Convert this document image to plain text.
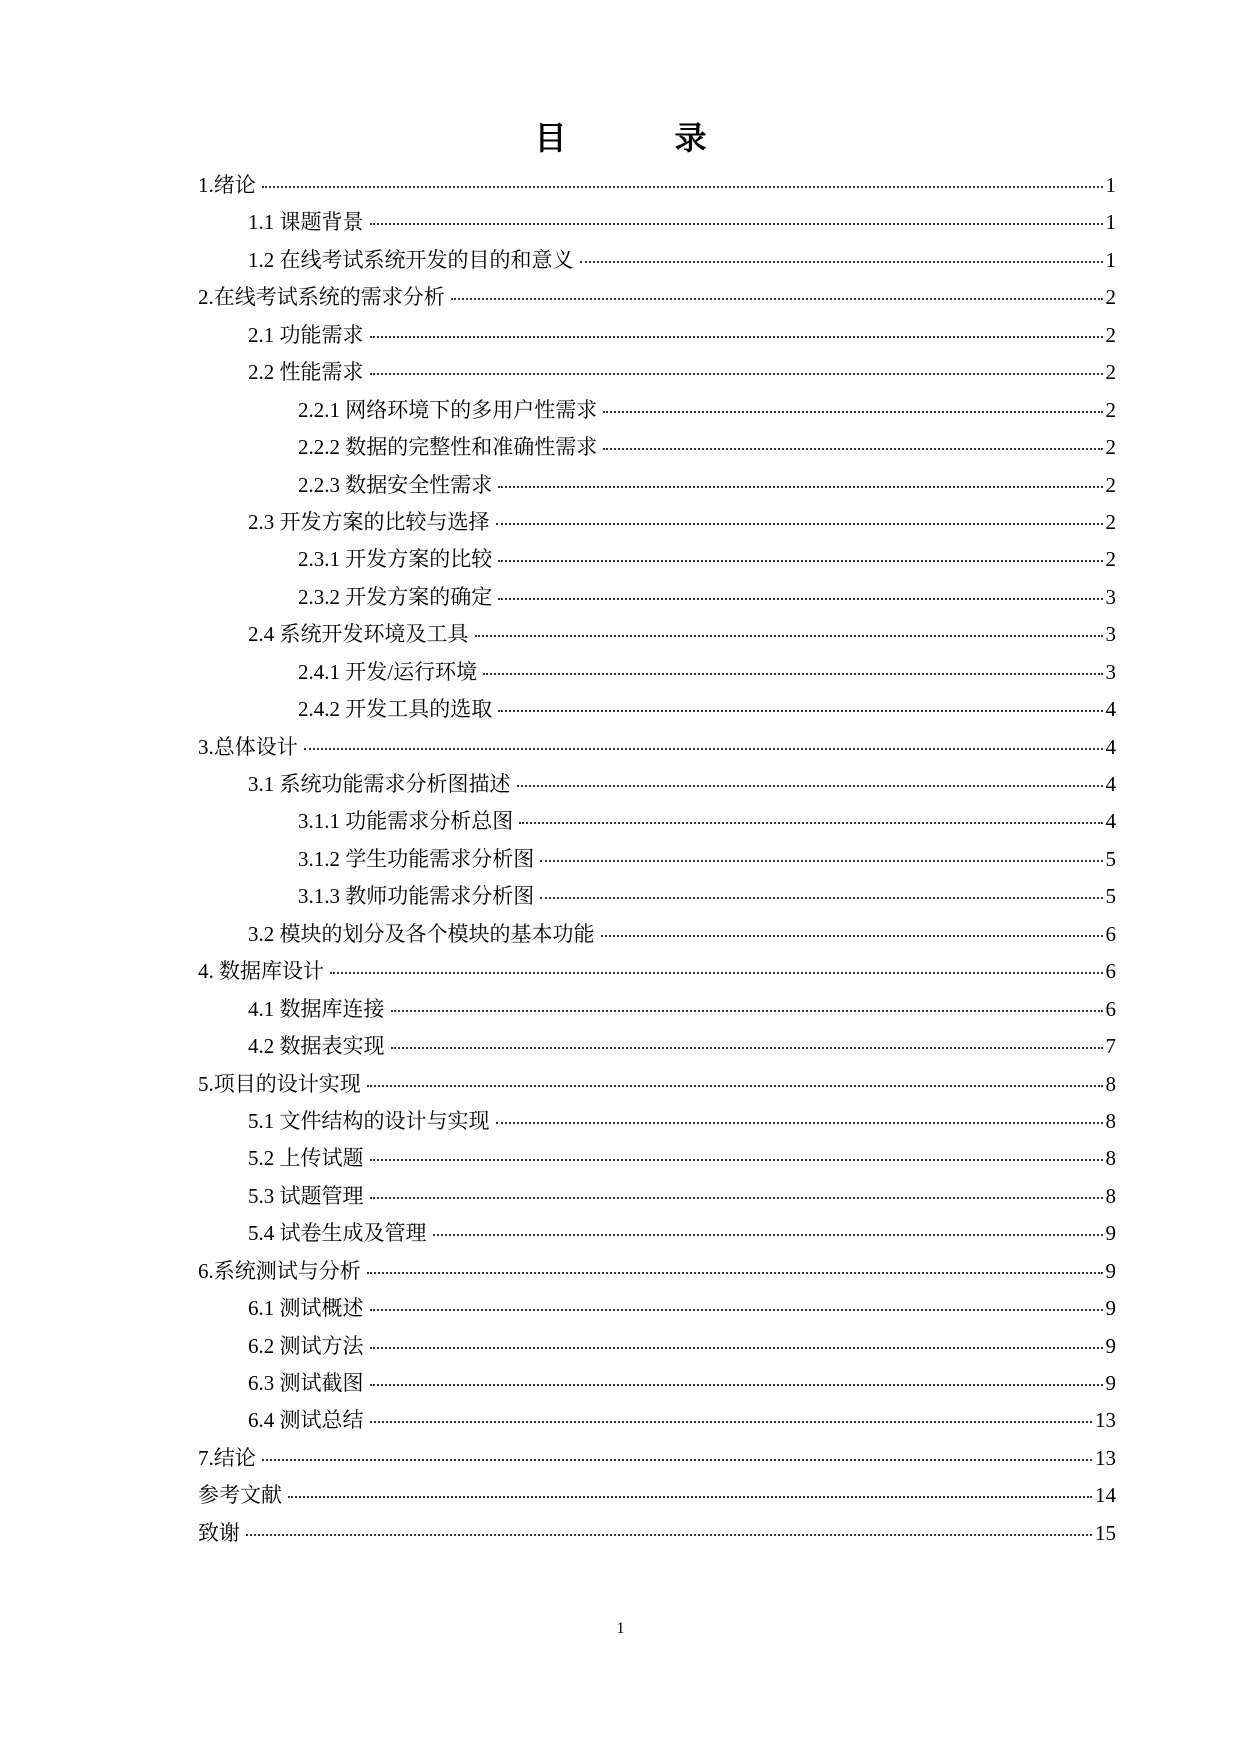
目　录
1.绪论	1
1.1 课题背景	1
1.2 在线考试系统开发的目的和意义	1
2.在线考试系统的需求分析	2
2.1 功能需求	2
2.2 性能需求	2
2.2.1 网络环境下的多用户性需求	2
2.2.2 数据的完整性和准确性需求	2
2.2.3 数据安全性需求	2
2.3 开发方案的比较与选择	2
2.3.1 开发方案的比较	2
2.3.2 开发方案的确定	3
2.4 系统开发环境及工具	3
2.4.1 开发/运行环境	3
2.4.2 开发工具的选取	4
3.总体设计	4
3.1 系统功能需求分析图描述	4
3.1.1 功能需求分析总图	4
3.1.2 学生功能需求分析图	5
3.1.3 教师功能需求分析图	5
3.2 模块的划分及各个模块的基本功能	6
4. 数据库设计	6
4.1 数据库连接	6
4.2 数据表实现	7
5.项目的设计实现	8
5.1 文件结构的设计与实现	8
5.2 上传试题	8
5.3 试题管理	8
5.4 试卷生成及管理	9
6.系统测试与分析	9
6.1 测试概述	9
6.2 测试方法	9
6.3 测试截图	9
6.4 测试总结	13
7.结论	13
参考文献	14
致谢	15
1
